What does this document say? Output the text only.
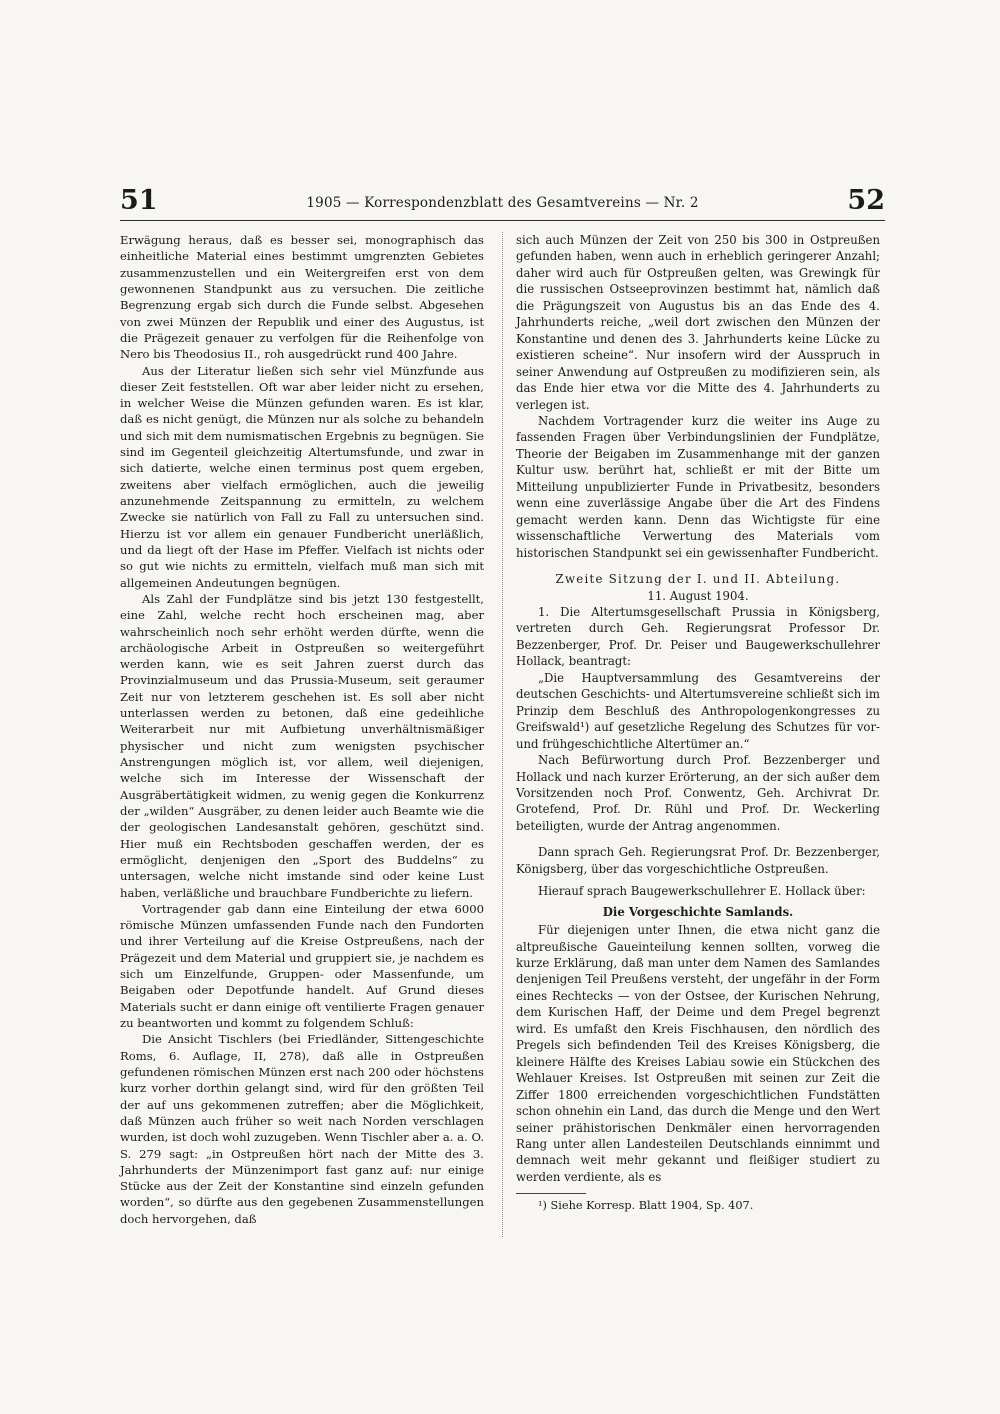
51	1905 — Korrespondenzblatt des Gesamtvereins — Nr. 2	52

Erwägung heraus, daß es besser sei, monographisch das einheitliche Material eines bestimmt umgrenzten Gebietes zusammenzustellen und ein Weitergreifen erst von dem gewonnenen Standpunkt aus zu versuchen. Die zeitliche Begrenzung ergab sich durch die Funde selbst. Abgesehen von zwei Münzen der Republik und einer des Augustus, ist die Prägezeit genauer zu verfolgen für die Reihenfolge von Nero bis Theodosius II., roh ausgedrückt rund 400 Jahre.

Aus der Literatur ließen sich sehr viel Münzfunde aus dieser Zeit feststellen. Oft war aber leider nicht zu ersehen, in welcher Weise die Münzen gefunden waren. Es ist klar, daß es nicht genügt, die Münzen nur als solche zu behandeln und sich mit dem numismatischen Ergebnis zu begnügen. Sie sind im Gegenteil gleichzeitig Altertumsfunde, und zwar in sich datierte, welche einen terminus post quem ergeben, zweitens aber vielfach ermöglichen, auch die jeweilig anzunehmende Zeitspannung zu ermitteln, zu welchem Zwecke sie natürlich von Fall zu Fall zu untersuchen sind. Hierzu ist vor allem ein genauer Fundbericht unerläßlich, und da liegt oft der Hase im Pfeffer. Vielfach ist nichts oder so gut wie nichts zu ermitteln, vielfach muß man sich mit allgemeinen Andeutungen begnügen.

Als Zahl der Fundplätze sind bis jetzt 130 festgestellt, eine Zahl, welche recht hoch erscheinen mag, aber wahrscheinlich noch sehr erhöht werden dürfte, wenn die archäologische Arbeit in Ostpreußen so weitergeführt werden kann, wie es seit Jahren zuerst durch das Provinzialmuseum und das Prussia-Museum, seit geraumer Zeit nur von letzterem geschehen ist. Es soll aber nicht unterlassen werden zu betonen, daß eine gedeihliche Weiterarbeit nur mit Aufbietung unverhältnismäßiger physischer und nicht zum wenigsten psychischer Anstrengungen möglich ist, vor allem, weil diejenigen, welche sich im Interesse der Wissenschaft der Ausgräbertätigkeit widmen, zu wenig gegen die Konkurrenz der „wilden“ Ausgräber, zu denen leider auch Beamte wie die der geologischen Landesanstalt gehören, geschützt sind. Hier muß ein Rechtsboden geschaffen werden, der es ermöglicht, denjenigen den „Sport des Buddelns“ zu untersagen, welche nicht imstande sind oder keine Lust haben, verläßliche und brauchbare Fundberichte zu liefern.

Vortragender gab dann eine Einteilung der etwa 6000 römische Münzen umfassenden Funde nach den Fundorten und ihrer Verteilung auf die Kreise Ostpreußens, nach der Prägezeit und dem Material und gruppiert sie, je nachdem es sich um Einzelfunde, Gruppen- oder Massenfunde, um Beigaben oder Depotfunde handelt. Auf Grund dieses Materials sucht er dann einige oft ventilierte Fragen genauer zu beantworten und kommt zu folgendem Schluß:

Die Ansicht Tischlers (bei Friedländer, Sittengeschichte Roms, 6. Auflage, II, 278), daß alle in Ostpreußen gefundenen römischen Münzen erst nach 200 oder höchstens kurz vorher dorthin gelangt sind, wird für den größten Teil der auf uns gekommenen zutreffen; aber die Möglichkeit, daß Münzen auch früher so weit nach Norden verschlagen wurden, ist doch wohl zuzugeben. Wenn Tischler aber a. a. O. S. 279 sagt: „in Ostpreußen hört nach der Mitte des 3. Jahrhunderts der Münzenimport fast ganz auf: nur einige Stücke aus der Zeit der Konstantine sind einzeln gefunden worden“, so dürfte aus den gegebenen Zusammenstellungen doch hervorgehen, daß

sich auch Münzen der Zeit von 250 bis 300 in Ostpreußen gefunden haben, wenn auch in erheblich geringerer Anzahl; daher wird auch für Ostpreußen gelten, was Grewingk für die russischen Ostseeprovinzen bestimmt hat, nämlich daß die Prägungszeit von Augustus bis an das Ende des 4. Jahrhunderts reiche, „weil dort zwischen den Münzen der Konstantine und denen des 3. Jahrhunderts keine Lücke zu existieren scheine“. Nur insofern wird der Ausspruch in seiner Anwendung auf Ostpreußen zu modifizieren sein, als das Ende hier etwa vor die Mitte des 4. Jahrhunderts zu verlegen ist.

Nachdem Vortragender kurz die weiter ins Auge zu fassenden Fragen über Verbindungslinien der Fundplätze, Theorie der Beigaben im Zusammenhange mit der ganzen Kultur usw. berührt hat, schließt er mit der Bitte um Mitteilung unpublizierter Funde in Privatbesitz, besonders wenn eine zuverlässige Angabe über die Art des Findens gemacht werden kann. Denn das Wichtigste für eine wissenschaftliche Verwertung des Materials vom historischen Standpunkt sei ein gewissenhafter Fundbericht.

Zweite Sitzung der I. und II. Abteilung.

11. August 1904.

1. Die Altertumsgesellschaft Prussia in Königsberg, vertreten durch Geh. Regierungsrat Professor Dr. Bezzenberger, Prof. Dr. Peiser und Baugewerkschullehrer Hollack, beantragt:

„Die Hauptversammlung des Gesamtvereins der deutschen Geschichts- und Altertumsvereine schließt sich im Prinzip dem Beschluß des Anthropologenkongresses zu Greifswald¹) auf gesetzliche Regelung des Schutzes für vor- und frühgeschichtliche Altertümer an.“

Nach Befürwortung durch Prof. Bezzenberger und Hollack und nach kurzer Erörterung, an der sich außer dem Vorsitzenden noch Prof. Conwentz, Geh. Archivrat Dr. Grotefend, Prof. Dr. Rühl und Prof. Dr. Weckerling beteiligten, wurde der Antrag angenommen.

Dann sprach Geh. Regierungsrat Prof. Dr. Bezzenberger, Königsberg, über das vorgeschichtliche Ostpreußen.

Hierauf sprach Baugewerkschullehrer E. Hollack über:

Die Vorgeschichte Samlands.

Für diejenigen unter Ihnen, die etwa nicht ganz die altpreußische Gaueinteilung kennen sollten, vorweg die kurze Erklärung, daß man unter dem Namen des Samlandes denjenigen Teil Preußens versteht, der ungefähr in der Form eines Rechtecks — von der Ostsee, der Kurischen Nehrung, dem Kurischen Haff, der Deime und dem Pregel begrenzt wird. Es umfaßt den Kreis Fischhausen, den nördlich des Pregels sich befindenden Teil des Kreises Königsberg, die kleinere Hälfte des Kreises Labiau sowie ein Stückchen des Wehlauer Kreises. Ist Ostpreußen mit seinen zur Zeit die Ziffer 1800 erreichenden vorgeschichtlichen Fundstätten schon ohnehin ein Land, das durch die Menge und den Wert seiner prähistorischen Denkmäler einen hervorragenden Rang unter allen Landesteilen Deutschlands einnimmt und demnach weit mehr gekannt und fleißiger studiert zu werden verdiente, als es

¹) Siehe Korresp. Blatt 1904, Sp. 407.
